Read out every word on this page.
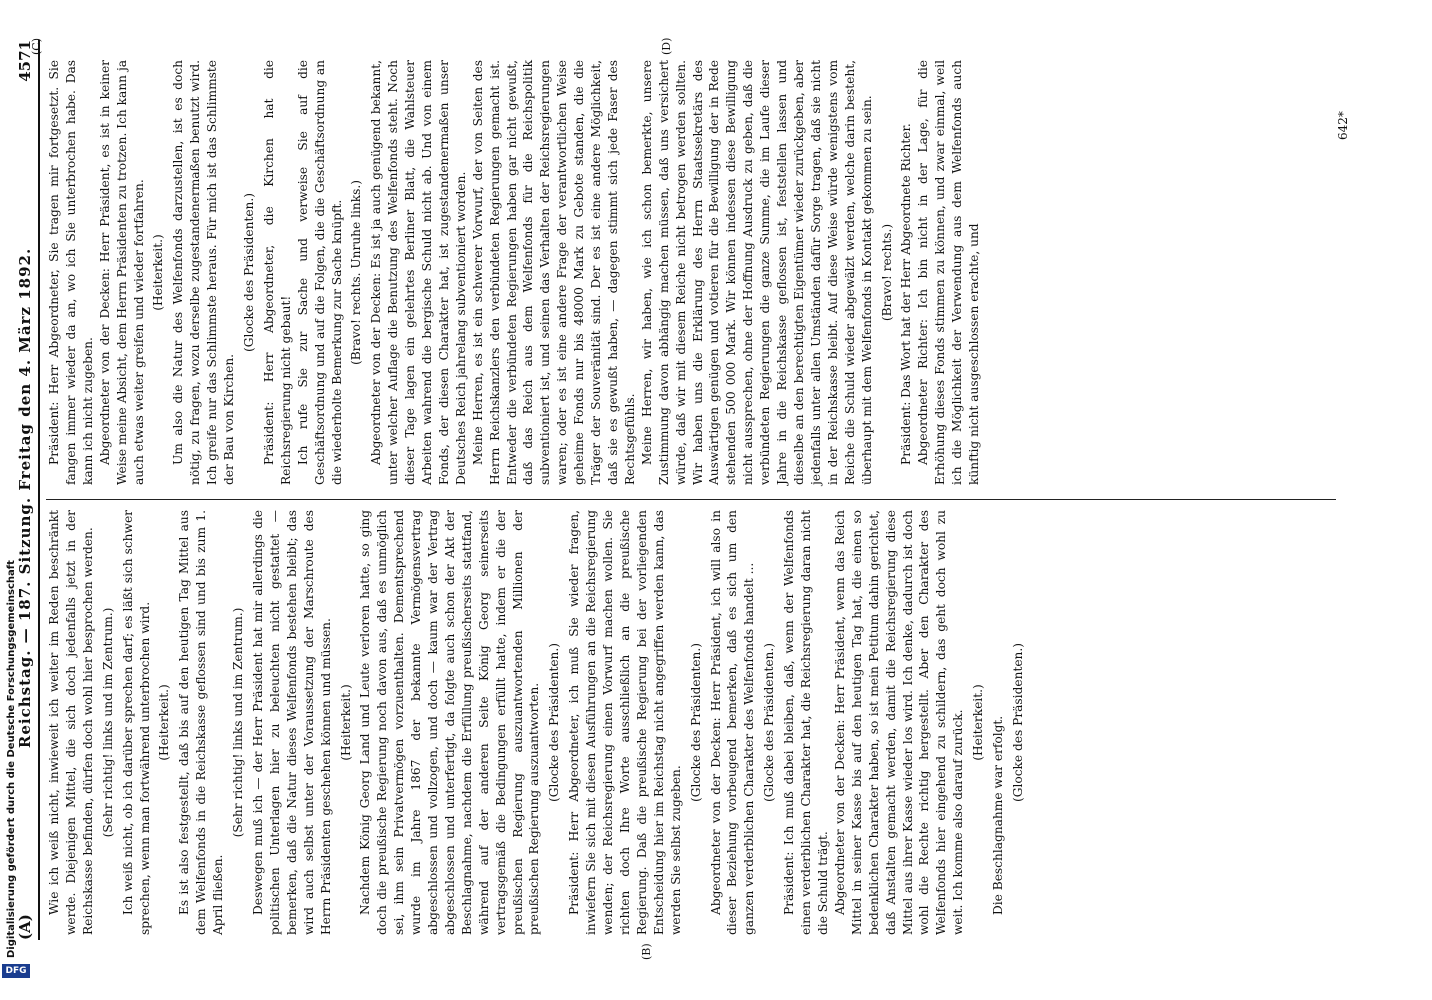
(A)
Reichstag. — 187. Sitzung. Freitag den 4. März 1892.
4571
(B)
(C)	(D)

Wie ich weiß nicht, inwieweit ich weiter im Reden beschränkt werde. Diejenigen Mittel, die sich doch jedenfalls jetzt in der Reichskasse befinden, dürfen doch wohl hier besprochen werden. (Sehr richtig! links und im Zentrum.) Ich weiß nicht, ob ich darüber sprechen darf; es läßt sich schwer sprechen, wenn man fortwährend unterbrochen wird. (Heiterkeit.) Es ist also festgestellt, daß bis auf den heutigen Tag Mittel aus dem Welfenfonds in die Reichskasse geflossen sind und bis zum 1. April fließen.

(Sehr richtig! links und im Zentrum.) Deswegen muß ich — der Herr Präsident hat mir allerdings die politischen Unterlagen hier zu beleuchten nicht gestattet — bemerken, daß die Natur dieses Welfenfonds bestehen bleibt; das wird auch selbst unter der Voraussetzung der Marschroute des Herrn Präsidenten geschehen können und müssen. (Heiterkeit.) Nachdem König Georg Land und Leute verloren hatte, so ging doch die preußische Regierung noch davon aus, daß es unmöglich sei, ihm sein Privatvermögen vorzuenthalten. Dementsprechend wurde im Jahre 1867 der bekannte Vermögensvertrag abgeschlossen und vollzogen, und doch — kaum war der Vertrag abgeschlossen und unterfertigt, da folgte auch schon der Akt der Beschlagnahme, nachdem die Erfüllung preußischerseits stattfand, während auf der anderen Seite König Georg seinerseits vertragsgemäß die Bedingungen erfüllt hatte, indem er die der preußischen Regierung auszuantwortenden Millionen der preußischen Regierung auszuantworten. (Glocke des Präsidenten.) Präsident: Herr Abgeordneter, ich muß Sie wieder fragen, inwiefern Sie sich mit diesen Ausführungen an die Reichsregierung wenden; der Reichsregierung einen Vorwurf machen wollen. Sie richten doch Ihre Worte ausschließlich an die preußische Regierung. Daß die preußische Regierung bei der vorliegenden Entscheidung hier im Reichstag nicht angegriffen werden kann, das werden Sie selbst zugeben.

(Glocke des Präsidenten.) Abgeordneter von der Decken: Herr Präsident, ich will also in dieser Beziehung vorbeugend bemerken, daß es sich um den ganzen verderblichen Charakter des Welfenfonds handelt ... (Glocke des Präsidenten.) Präsident: Ich muß dabei bleiben, daß, wenn der Welfenfonds einen verderblichen Charakter hat, die Reichsregierung daran nicht die Schuld trägt. Abgeordneter von der Decken: Herr Präsident, wenn das Reich Mittel in seiner Kasse bis auf den heutigen Tag hat, die einen so bedenklichen Charakter haben, so ist mein Petitum dahin gerichtet, daß Anstalten gemacht werden, damit die Reichsregierung diese Mittel aus ihrer Kasse wieder los wird. Ich denke, dadurch ist doch wohl die Rechte richtig hergestellt. Aber den Charakter des Welfenfonds hier eingehend zu schildern, das geht doch wohl zu weit. Ich komme also darauf zurück. (Heiterkeit.) Die Beschlagnahme war erfolgt. (Glocke des Präsidenten.)

Präsident: Herr Abgeordneter, Sie tragen mir fortgesetzt. Sie fangen immer wieder da an, wo ich Sie unterbrochen habe. Das kann ich nicht zugeben. Abgeordneter von der Decken: Herr Präsident, es ist in keiner Weise meine Absicht, dem Herrn Präsidenten zu trotzen. Ich kann ja auch etwas weiter greifen und wieder fortfahren. (Heiterkeit.) Um also die Natur des Welfenfonds darzustellen, ist es doch nötig, zu fragen, wozu derselbe zugestandenermaßen benutzt wird. Ich greife nur das Schlimmste heraus. Für mich ist das Schlimmste der Bau von Kirchen.

(Glocke des Präsidenten.) Präsident: Herr Abgeordneter, die Kirchen hat die Reichsregierung nicht gebaut! Ich rufe Sie zur Sache und verweise Sie auf die Geschäftsordnung und auf die Folgen, die die Geschäftsordnung an die wiederholte Bemerkung zur Sache knüpft. (Bravo! rechts. Unruhe links.) Abgeordneter von der Decken: Es ist ja auch genügend bekannt, unter welcher Auflage die Benutzung des Welfenfonds steht. Noch dieser Tage lagen ein gelehrtes Berliner Blatt, die Wahlsteuer Arbeiten wahrend die bergische Schuld nicht ab. Und von einem Fonds, der diesen Charakter hat, ist zugestandenermaßen unser Deutsches Reich jahrelang subventioniert worden. Meine Herren, es ist ein schwerer Vorwurf, der von Seiten des Herrn Reichskanzlers den verbündeten Regierungen gemacht ist. Entweder die verbündeten Regierungen haben gar nicht gewußt, daß das Reich aus dem Welfenfonds für die Reichspolitik subventioniert ist, und seinen das Verhalten der Reichsregierungen waren; oder es ist eine andere Frage der verantwortlichen Weise geheime Fonds nur bis 48000 Mark zu Gebote standen, die die Träger der Souveränität sind. Der es ist eine andere Möglichkeit, daß sie es gewußt haben, — dagegen stimmt sich jede Faser des Rechtsgefühls. Meine Herren, wir haben, wie ich schon bemerkte, unsere Zustimmung davon abhängig machen müssen, daß uns versichert würde, daß wir mit diesem Reiche nicht betrogen werden sollten. Wir haben uns die Erklärung des Herrn Staatssekretärs des Auswärtigen genügen und votieren für die Bewilligung der in Rede stehenden 500 000 Mark. Wir können indessen diese Bewilligung nicht aussprechen, ohne der Hoffnung Ausdruck zu geben, daß die verbündeten Regierungen die ganze Summe, die im Laufe dieser Jahre in die Reichskasse geflossen ist, feststellen lassen und dieselbe an den berechtigten Eigentümer wieder zurückgeben, aber jedenfalls unter allen Umständen dafür Sorge tragen, daß sie nicht in der Reichskasse bleibt. Auf diese Weise würde wenigstens vom Reiche die Schuld wieder abgewälzt werden, welche darin besteht, überhaupt mit dem Welfenfonds in Kontakt gekommen zu sein. (Bravo! rechts.) Präsident: Das Wort hat der Herr Abgeordnete Richter. Abgeordneter Richter: Ich bin nicht in der Lage, für die Erhöhung dieses Fonds stimmen zu können, und zwar einmal, weil ich die Möglichkeit der Verwendung aus dem Welfenfonds auch künftig nicht ausgeschlossen erachte, und

642*
DFG
Digitalisierung gefördert durch die Deutsche Forschungsgemeinschaft
